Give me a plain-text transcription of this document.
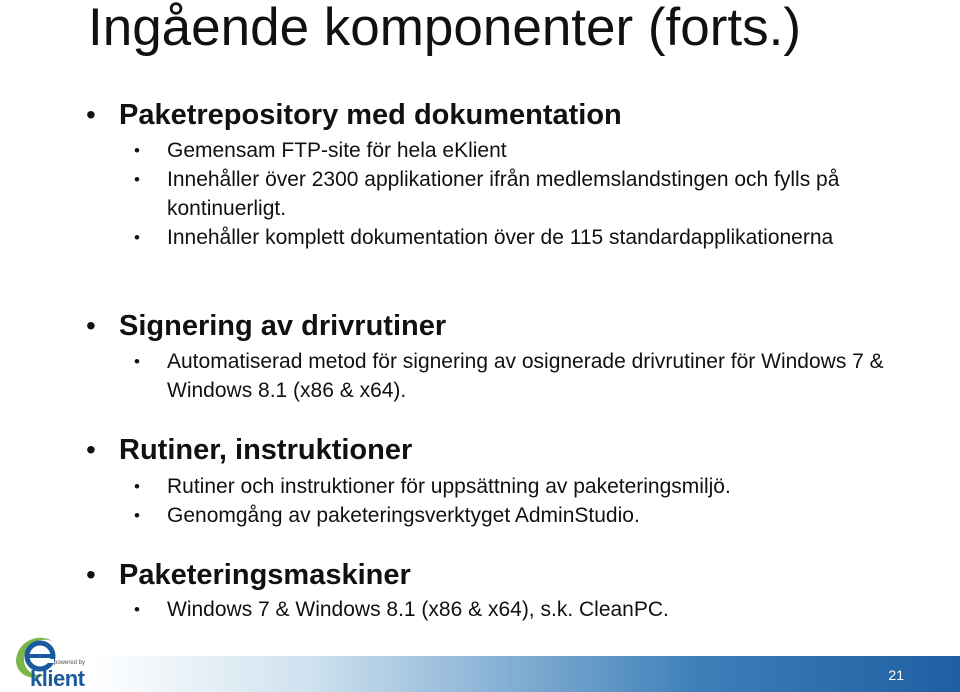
Ingående komponenter (forts.)

• Paketrepository med dokumentation

• Gemensam FTP-site för hela eKlient
• Innehåller över 2300 applikationer ifrån medlemslandstingen och fylls på kontinuerligt.
• Innehåller komplett dokumentation över de 115 standardapplikationerna

• Signering av drivrutiner

• Automatiserad metod för signering av osignerade drivrutiner för Windows 7 & Windows 8.1 (x86 & x64).

• Rutiner, instruktioner

• Rutiner och instruktioner för uppsättning av paketeringsmiljö.
• Genomgång av paketeringsverktyget AdminStudio.

• Paketeringsmaskiner

• Windows 7 & Windows 8.1 (x86 & x64), s.k. CleanPC.
21
powered by
klient
